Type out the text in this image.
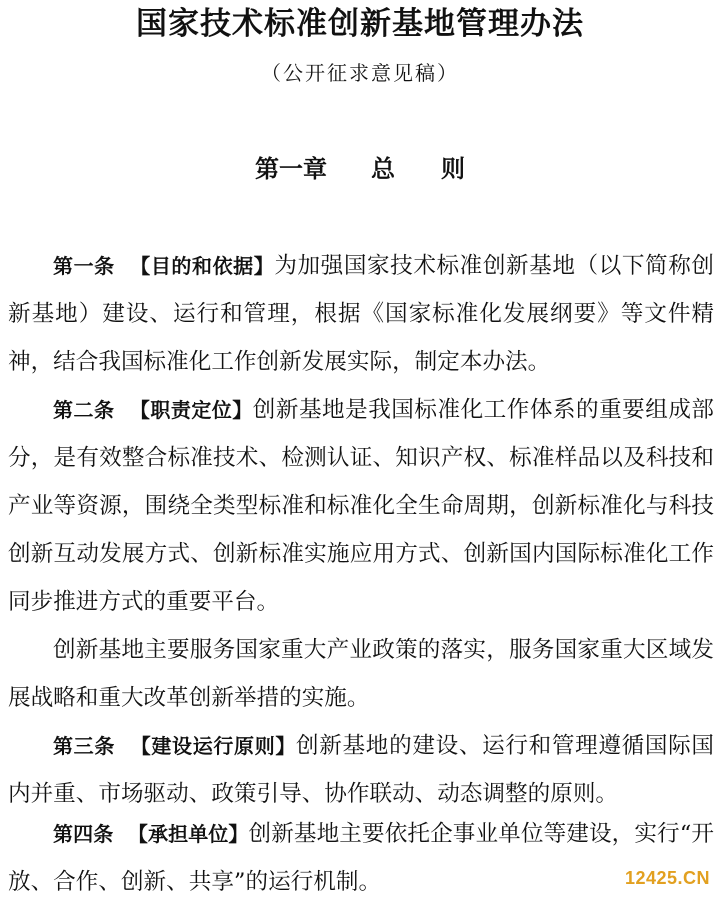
国家技术标准创新基地管理办法
（公开征求意见稿）
第一章 总 则

第一条 【目的和依据】为加强国家技术标准创新基地（以下简称创新基地）建设、运行和管理，根据《国家标准化发展纲要》等文件精神，结合我国标准化工作创新发展实际，制定本办法。

第二条 【职责定位】创新基地是我国标准化工作体系的重要组成部分，是有效整合标准技术、检测认证、知识产权、标准样品以及科技和产业等资源，围绕全类型标准和标准化全生命周期，创新标准化与科技创新互动发展方式、创新标准实施应用方式、创新国内国际标准化工作同步推进方式的重要平台。

创新基地主要服务国家重大产业政策的落实，服务国家重大区域发展战略和重大改革创新举措的实施。

第三条 【建设运行原则】创新基地的建设、运行和管理遵循国际国内并重、市场驱动、政策引导、协作联动、动态调整的原则。

第四条 【承担单位】创新基地主要依托企事业单位等建设，实行“开放、合作、创新、共享”的运行机制。	12425.CN
